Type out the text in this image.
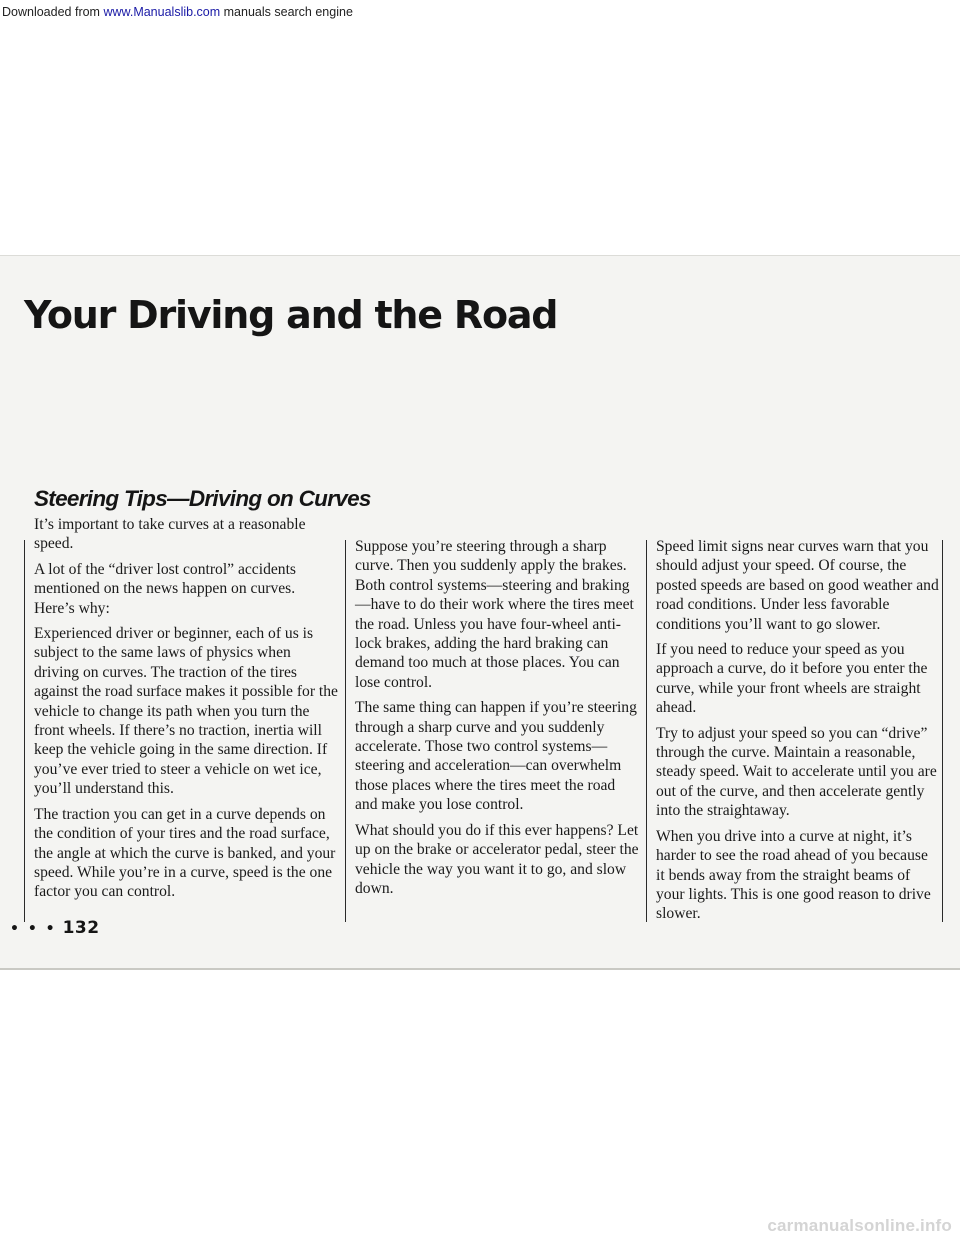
Downloaded from www.Manualslib.com manuals search engine
Your Driving and the Road
Steering Tips—Driving on Curves

It’s important to take curves at a reasonable speed.

A lot of the “driver lost control” accidents mentioned on the news happen on curves. Here’s why:

Experienced driver or beginner, each of us is subject to the same laws of physics when driving on curves. The traction of the tires against the road surface makes it possible for the vehicle to change its path when you turn the front wheels. If there’s no traction, inertia will keep the vehicle going in the same direction. If you’ve ever tried to steer a vehicle on wet ice, you’ll understand this.

The traction you can get in a curve depends on the condition of your tires and the road surface, the angle at which the curve is banked, and your speed. While you’re in a curve, speed is the one factor you can control.

Suppose you’re steering through a sharp curve. Then you suddenly apply the brakes. Both control systems—steering and braking—have to do their work where the tires meet the road. Unless you have four-wheel anti-lock brakes, adding the hard braking can demand too much at those places. You can lose control.

The same thing can happen if you’re steering through a sharp curve and you suddenly accelerate. Those two control systems—steering and acceleration—can overwhelm those places where the tires meet the road and make you lose control.

What should you do if this ever happens? Let up on the brake or accelerator pedal, steer the vehicle the way you want it to go, and slow down.

Speed limit signs near curves warn that you should adjust your speed. Of course, the posted speeds are based on good weather and road conditions. Under less favorable conditions you’ll want to go slower.

If you need to reduce your speed as you approach a curve, do it before you enter the curve, while your front wheels are straight ahead.

Try to adjust your speed so you can “drive” through the curve. Maintain a reasonable, steady speed. Wait to accelerate until you are out of the curve, and then accelerate gently into the straightaway.

When you drive into a curve at night, it’s harder to see the road ahead of you because it bends away from the straight beams of your lights. This is one good reason to drive slower.

• • • 132
carmanualsonline.info
